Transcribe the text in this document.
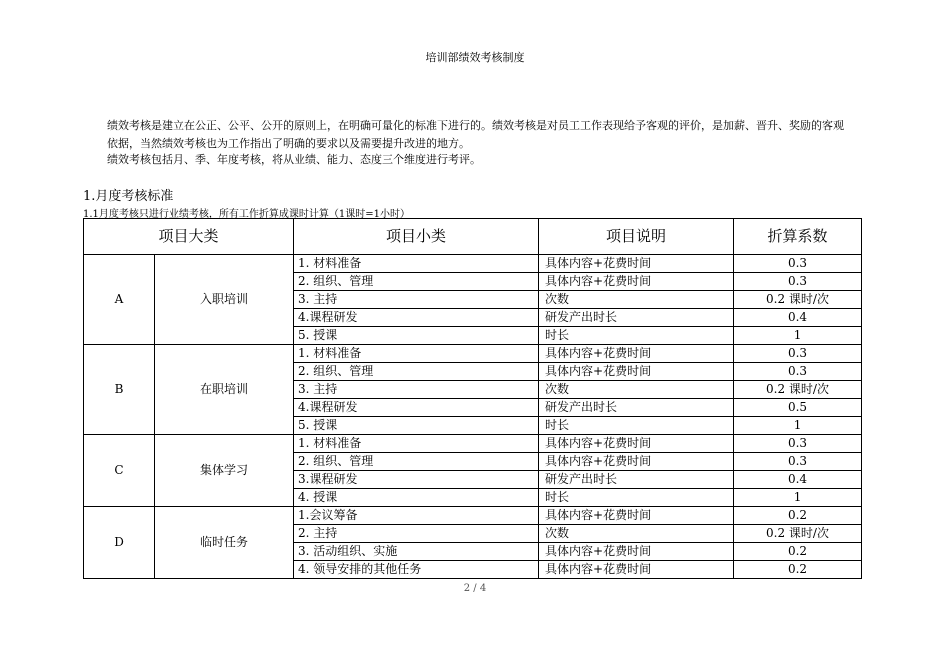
培训部绩效考核制度
绩效考核是建立在公正、公平、公开的原则上，在明确可量化的标准下进行的。绩效考核是对员工工作表现给予客观的评价，是加薪、晋升、奖励的客观依据，当然绩效考核也为工作指出了明确的要求以及需要提升改进的地方。
绩效考核包括月、季、年度考核，将从业绩、能力、态度三个维度进行考评。
1.月度考核标准
1.1月度考核只进行业绩考核，所有工作折算成课时计算（1课时=1小时）
项目大类		项目小类	项目说明	折算系数
A	入职培训	1. 材料准备	具体内容+花费时间	0.3
		2. 组织、管理	具体内容+花费时间	0.3
		3. 主持	次数	0.2 课时/次
		4.课程研发	研发产出时长	0.4
		5. 授课	时长	1
B	在职培训	1. 材料准备	具体内容+花费时间	0.3
		2. 组织、管理	具体内容+花费时间	0.3
		3. 主持	次数	0.2 课时/次
		4.课程研发	研发产出时长	0.5
		5. 授课	时长	1
C	集体学习	1. 材料准备	具体内容+花费时间	0.3
		2. 组织、管理	具体内容+花费时间	0.3
		3.课程研发	研发产出时长	0.4
		4. 授课	时长	1
D	临时任务	1.会议筹备	具体内容+花费时间	0.2
		2. 主持	次数	0.2 课时/次
		3. 活动组织、实施	具体内容+花费时间	0.2
		4. 领导安排的其他任务	具体内容+花费时间	0.2
2 / 4
